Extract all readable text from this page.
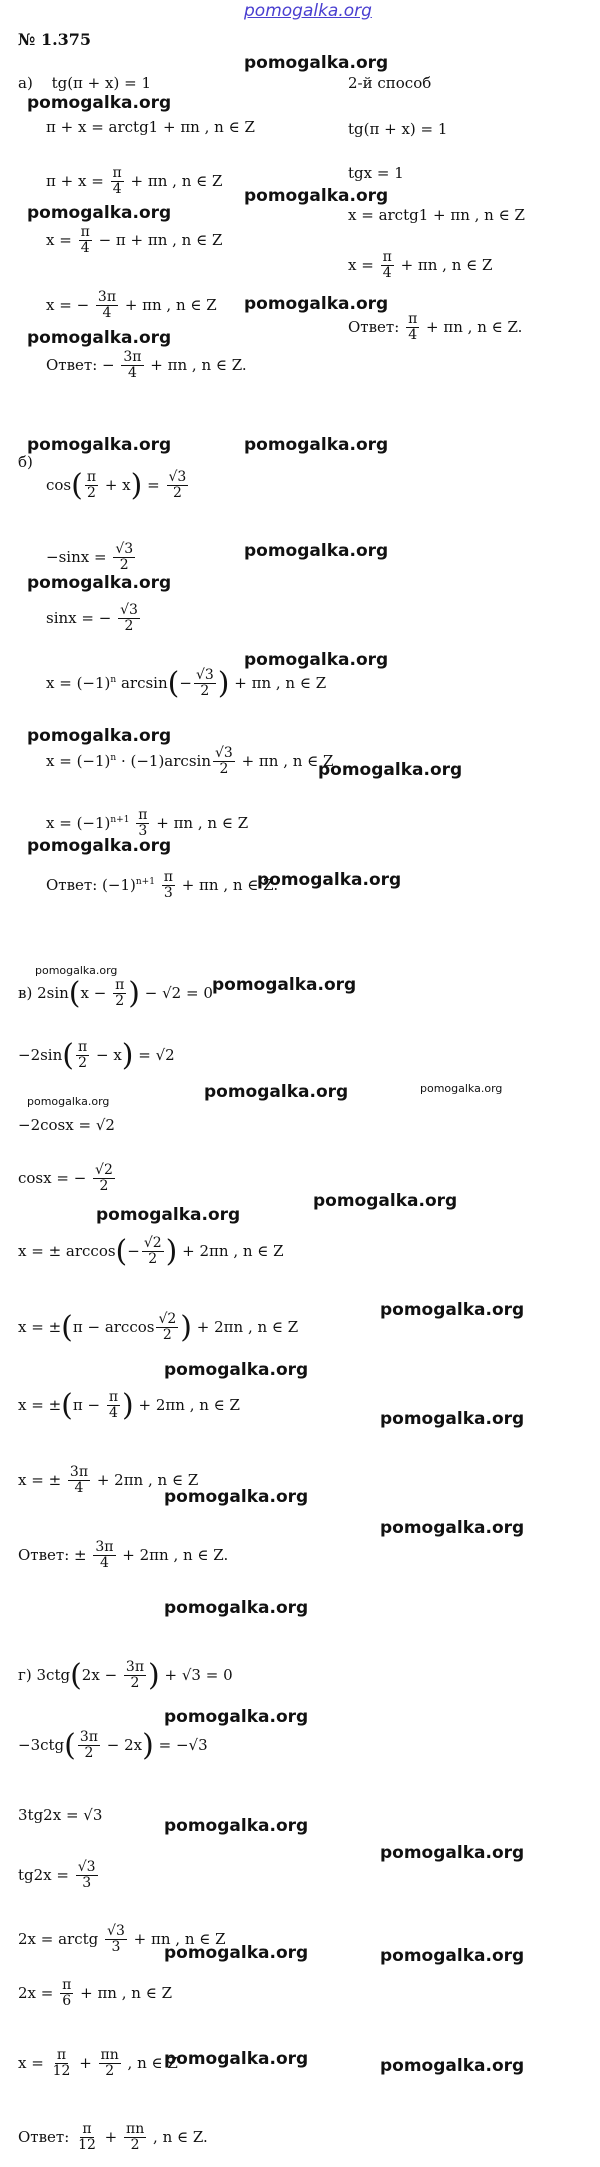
pomogalka.org
pomogalka.org
pomogalka.org
pomogalka.org
pomogalka.org
pomogalka.org
pomogalka.org
pomogalka.org	pomogalka.org
pomogalka.org
pomogalka.org
pomogalka.org
pomogalka.org
pomogalka.org
pomogalka.org
pomogalka.org
pomogalka.org
pomogalka.org
pomogalka.org	pomogalka.org
pomogalka.org
pomogalka.org
pomogalka.org
pomogalka.org
pomogalka.org
pomogalka.org
pomogalka.org
pomogalka.org
pomogalka.org
pomogalka.org
pomogalka.org
pomogalka.org
pomogalka.org
pomogalka.org
pomogalka.org	pomogalka.org
№ 1.375
а) tg(π + x) = 1
π + x = arctg1 + πn , n ∈ Z
$\pi + x = \frac{\pi}{4} + \pi n$ , n ∈ Z
$x = \frac{\pi}{4} - \pi + \pi n$ , n ∈ Z
x = − $\frac{3\pi}{4} + \pi n$ , n ∈ Z
Ответ: − $\frac{3\pi}{4} + \pi n$ , n ∈ Z.
2-й способ
tg(π + x) = 1
tgx = 1
x = arctg1 + πn , n ∈ Z
$x = \frac{\pi}{4} + \pi n$ , n ∈ Z
Ответ: $\frac{\pi}{4} + \pi n$ , n ∈ Z.
б)
$\cos( \frac{\pi}{2} + x) = \frac{√3}{2}$
$-\sin x = \frac{√3}{2}$
sinx = − $\frac{√3}{2}$
$x = (-1)^n$ $\arcsin(- \frac{√3}{2}$ ) + πn , n ∈ Z
$x = (-1)^n \cdot (-1)\arcsin \frac{√3}{2} + \pi n$ , n ∈ Z
$x = (-1)^{n+1} \frac{\pi}{3} + \pi n$ , n ∈ Z
Ответ: $(-1)^{n+1} \frac{\pi}{3} + \pi n$ , n ∈ Z.
в) $2\sin(x - \frac{\pi}{2}$ ) − √2 = 0
$-2\sin( \frac{\pi}{2} - x) = √2$
−2cosx = √2
cosx = − $\frac{√2}{2}$
x = ± $\arccos(- \frac{√2}{2}$ ) + 2πn , n ∈ Z
$x = \pm(\pi - \arccos \frac{√2}{2}$ ) + 2πn , n ∈ Z
$x = \pm(\pi - \frac{\pi}{4}$ ) + 2πn , n ∈ Z
x = ± $\frac{3\pi}{4} + 2\pi n$ , n ∈ Z
Ответ: ± $\frac{3\pi}{4} + 2\pi n$ , n ∈ Z.
г) $3ctg(2x - \frac{3\pi}{2}$ ) + √3 = 0
$-3ctg( \frac{3\pi}{2} - 2x) = -√3$
3tg2x = √3
$tg2x = \frac{√3}{3}$
2x = arctg $\frac{√3}{3} + \pi n$ , n ∈ Z
$2x = \frac{\pi}{6} + \pi n$ , n ∈ Z
$x = \frac{\pi}{12} + \frac{\pi n}{2}$ , n ∈ Z
Ответ: $\frac{\pi}{12} + \frac{\pi n}{2}$ , n ∈ Z.
